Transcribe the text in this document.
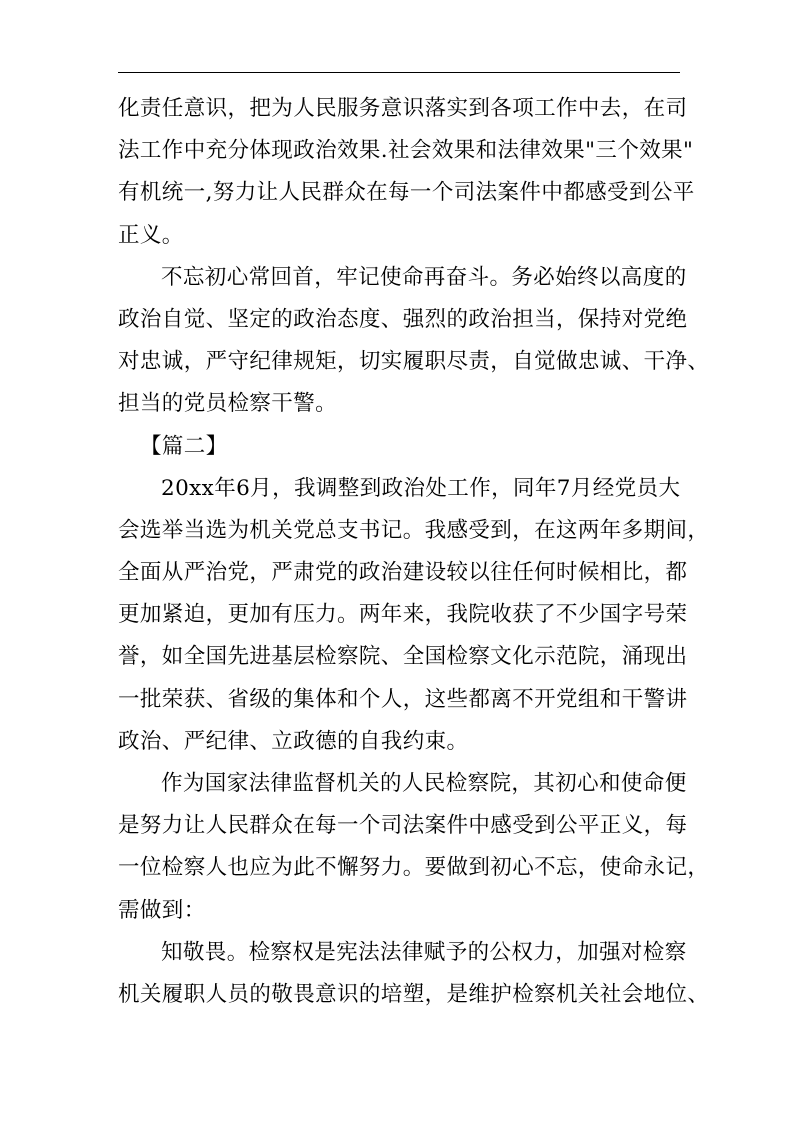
化责任意识，把为人民服务意识落实到各项工作中去，在司
法工作中充分体现政治效果.社会效果和法律效果"三个效果"
有机统一,努力让人民群众在每一个司法案件中都感受到公平
正义。
不忘初心常回首，牢记使命再奋斗。务必始终以高度的
政治自觉、坚定的政治态度、强烈的政治担当，保持对党绝
对忠诚，严守纪律规矩，切实履职尽责，自觉做忠诚、干净、
担当的党员检察干警。
【篇二】
20xx年6月，我调整到政治处工作，同年7月经党员大
会选举当选为机关党总支书记。我感受到，在这两年多期间，
全面从严治党，严肃党的政治建设较以往任何时候相比，都
更加紧迫，更加有压力。两年来，我院收获了不少国字号荣
誉，如全国先进基层检察院、全国检察文化示范院，涌现出
一批荣获、省级的集体和个人，这些都离不开党组和干警讲
政治、严纪律、立政德的自我约束。
作为国家法律监督机关的人民检察院，其初心和使命便
是努力让人民群众在每一个司法案件中感受到公平正义，每
一位检察人也应为此不懈努力。要做到初心不忘，使命永记，
需做到：
知敬畏。检察权是宪法法律赋予的公权力，加强对检察
机关履职人员的敬畏意识的培塑，是维护检察机关社会地位、
